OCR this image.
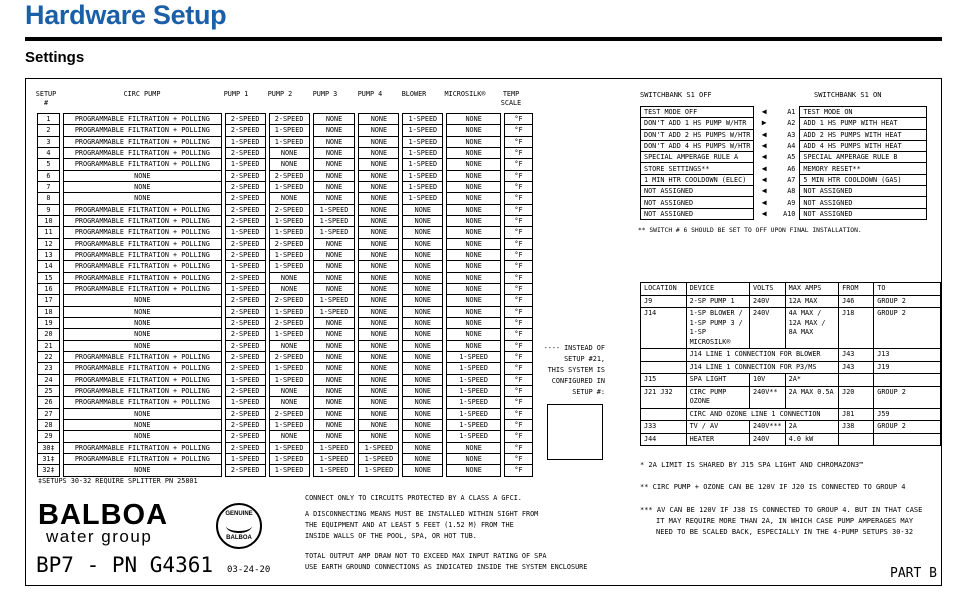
Hardware Setup
Settings
SETUP #
CIRC PUMP	PUMP 1	PUMP 2	PUMP 3	PUMP 4	BLOWER	MICROSILK®	TEMP SCALE
1		PROGRAMMABLE FILTRATION + POLLING		2-SPEED		2-SPEED		NONE		NONE		1-SPEED		NONE		°F
2		PROGRAMMABLE FILTRATION + POLLING		2-SPEED		1-SPEED		NONE		NONE		1-SPEED		NONE		°F
3		PROGRAMMABLE FILTRATION + POLLING		1-SPEED		1-SPEED		NONE		NONE		1-SPEED		NONE		°F
4		PROGRAMMABLE FILTRATION + POLLING		2-SPEED		NONE		NONE		NONE		1-SPEED		NONE		°F
5		PROGRAMMABLE FILTRATION + POLLING		1-SPEED		NONE		NONE		NONE		1-SPEED		NONE		°F
6		NONE		2-SPEED		2-SPEED		NONE		NONE		1-SPEED		NONE		°F
7		NONE		2-SPEED		1-SPEED		NONE		NONE		1-SPEED		NONE		°F
8		NONE		2-SPEED		NONE		NONE		NONE		1-SPEED		NONE		°F
9		PROGRAMMABLE FILTRATION + POLLING		2-SPEED		2-SPEED		1-SPEED		NONE		NONE		NONE		°F
10		PROGRAMMABLE FILTRATION + POLLING		2-SPEED		1-SPEED		1-SPEED		NONE		NONE		NONE		°F
11		PROGRAMMABLE FILTRATION + POLLING		1-SPEED		1-SPEED		1-SPEED		NONE		NONE		NONE		°F
12		PROGRAMMABLE FILTRATION + POLLING		2-SPEED		2-SPEED		NONE		NONE		NONE		NONE		°F
13		PROGRAMMABLE FILTRATION + POLLING		2-SPEED		1-SPEED		NONE		NONE		NONE		NONE		°F
14		PROGRAMMABLE FILTRATION + POLLING		1-SPEED		1-SPEED		NONE		NONE		NONE		NONE		°F
15		PROGRAMMABLE FILTRATION + POLLING		2-SPEED		NONE		NONE		NONE		NONE		NONE		°F
16		PROGRAMMABLE FILTRATION + POLLING		1-SPEED		NONE		NONE		NONE		NONE		NONE		°F
17		NONE		2-SPEED		2-SPEED		1-SPEED		NONE		NONE		NONE		°F
18		NONE		2-SPEED		1-SPEED		1-SPEED		NONE		NONE		NONE		°F
19		NONE		2-SPEED		2-SPEED		NONE		NONE		NONE		NONE		°F
20		NONE		2-SPEED		1-SPEED		NONE		NONE		NONE		NONE		°F
21		NONE		2-SPEED		NONE		NONE		NONE		NONE		NONE		°F
22		PROGRAMMABLE FILTRATION + POLLING		2-SPEED		2-SPEED		NONE		NONE		NONE		1-SPEED		°F
23		PROGRAMMABLE FILTRATION + POLLING		2-SPEED		1-SPEED		NONE		NONE		NONE		1-SPEED		°F
24		PROGRAMMABLE FILTRATION + POLLING		1-SPEED		1-SPEED		NONE		NONE		NONE		1-SPEED		°F
25		PROGRAMMABLE FILTRATION + POLLING		2-SPEED		NONE		NONE		NONE		NONE		1-SPEED		°F
26		PROGRAMMABLE FILTRATION + POLLING		1-SPEED		NONE		NONE		NONE		NONE		1-SPEED		°F
27		NONE		2-SPEED		2-SPEED		NONE		NONE		NONE		1-SPEED		°F
28		NONE		2-SPEED		1-SPEED		NONE		NONE		NONE		1-SPEED		°F
29		NONE		2-SPEED		NONE		NONE		NONE		NONE		1-SPEED		°F
30‡		PROGRAMMABLE FILTRATION + POLLING		2-SPEED		1-SPEED		1-SPEED		1-SPEED		NONE		NONE		°F
31‡		PROGRAMMABLE FILTRATION + POLLING		1-SPEED		1-SPEED		1-SPEED		1-SPEED		NONE		NONE		°F
32‡		NONE		2-SPEED		1-SPEED		1-SPEED		1-SPEED		NONE		NONE		°F
‡SETUPS 30-32 REQUIRE SPLITTER PN 25801
---- INSTEAD OF
SETUP #21,
THIS SYSTEM IS
CONFIGURED IN
SETUP #:
SWITCHBANK S1 OFF	SWITCHBANK S1 ON
TEST MODE OFF	◀	A1	TEST MODE ON
DON'T ADD 1 HS PUMP W/HTR	▶	A2	ADD 1 HS PUMP WITH HEAT
DON'T ADD 2 HS PUMPS W/HTR	◀	A3	ADD 2 HS PUMPS WITH HEAT
DON'T ADD 4 HS PUMPS W/HTR	◀	A4	ADD 4 HS PUMPS WITH HEAT
SPECIAL AMPERAGE RULE A	◀	A5	SPECIAL AMPERAGE RULE B
STORE SETTINGS**	◀	A6	MEMORY RESET**
1 MIN HTR COOLDOWN (ELEC)	◀	A7	5 MIN HTR COOLDOWN (GAS)
NOT ASSIGNED	◀	A8	NOT ASSIGNED
NOT ASSIGNED	◀	A9	NOT ASSIGNED
NOT ASSIGNED	◀	A10	NOT ASSIGNED
** SWITCH # 6 SHOULD BE SET TO OFF UPON FINAL INSTALLATION.
LOCATION	DEVICE	VOLTS	MAX AMPS	FROM	TO
J9	2-SP PUMP 1	240V	12A MAX	J46	GROUP 2
J14	1-SP BLOWER / 1-SP PUMP 3 / 1-SP MICROSILK®	240V	4A MAX / 12A MAX / 8A MAX	J18	GROUP 2
	J14 LINE 1 CONNECTION FOR BLOWER			J43	J13
	J14 LINE 1 CONNECTION FOR P3/MS			J43	J19
J15	SPA LIGHT	10V	2A*		
J21 J32	CIRC PUMP OZONE	240V**	2A MAX 0.5A	J20	GROUP 2
	CIRC AND OZONE LINE 1 CONNECTION			J81	J59
J33	TV / AV	240V***	2A	J38	GROUP 2
J44	HEATER	240V	4.0 kW		
* 2A LIMIT IS SHARED BY J15 SPA LIGHT AND CHROMAZON3™
** CIRC PUMP + OZONE CAN BE 120V IF J20 IS CONNECTED TO GROUP 4
*** AV CAN BE 120V IF J38 IS CONNECTED TO GROUP 4. BUT IN THAT CASE
IT MAY REQUIRE MORE THAN 2A, IN WHICH CASE PUMP AMPERAGES MAY
NEED TO BE SCALED BACK, ESPECIALLY IN THE 4-PUMP SETUPS 30-32
BALBOA
water group
GENUINE
BALBOA
BP7 - PN G4361 03-24-20
CONNECT ONLY TO CIRCUITS PROTECTED BY A CLASS A GFCI.
A DISCONNECTING MEANS MUST BE INSTALLED WITHIN SIGHT FROM
THE EQUIPMENT AND AT LEAST 5 FEET (1.52 M) FROM THE
INSIDE WALLS OF THE POOL, SPA, OR HOT TUB.
TOTAL OUTPUT AMP DRAW NOT TO EXCEED MAX INPUT RATING OF SPA
USE EARTH GROUND CONNECTIONS AS INDICATED INSIDE THE SYSTEM ENCLOSURE	PART B
